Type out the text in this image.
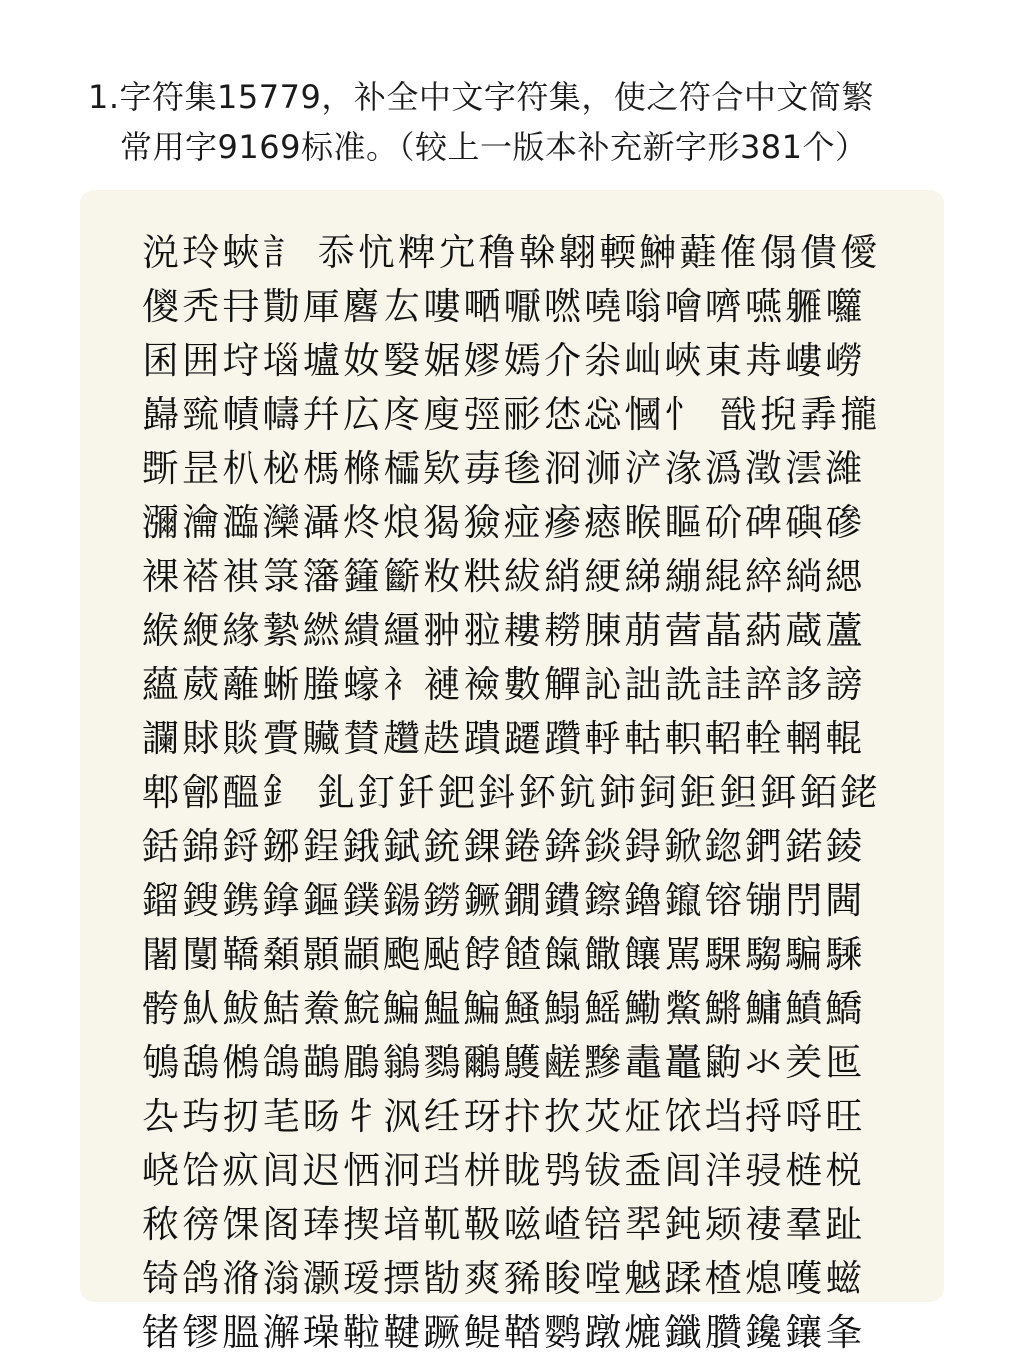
1.字符集15779，补全中文字符集，使之符合中文简繁
常用字9169标准。（较上一版本补充新字形381个）
涚玲蛺訁 忝忼粺宂穞榦翺輭鰰蘳傕傝僓僾
儍秃冄勩厙麔厷嘍嗮嚈嘫嘵嗡噲嚌嚥軅囖
囷囲垨堖壚奻嫛婮嫪嫣介尜屾峽東歬嶁嶗
巋巰幘幬幷広庝廋弳彨恷惢慖忄 戩掜掱攏
斲昰朳柲榪樤櫺欵毐毶浻浉浐湪潙澂澐濰
瀰瀹瀶灤灄炵烺猲獫痖瘮瘱睺瞘砎碑礖磣
裸褡褀箓籓籦籪籹粠紱綃綆綈繃緄綷緔緦
緱緶緣縶繎繢繮翀翋耬耮腖萠蒏蕌蒳蔵蘆
蘊葳蘺蜥螣蠔衤褳襝數觶訫詘詵詿誶誃謗
讕賕賧賷贜賛趲趃蹪躚躦軤軲軹軺輇輞輥
郫鄶醞釒 釓釘釺鈀鈄鈈鈧鈰鉰鉅鉭鉺銆銠
銛錦鋝鋣鋥鋨錻銃錁錈錛錟鍀鍁鍃鍆鍩錂
鎦鎪鎸鎿鏂鏷鐋鐒鐝鐗鐨鑔鑥鑹镕镚閅閪
闍闅鞽顙顥顓颮颭餑餷餼饊饟駡騍騶騙騬
骻魜鮁鮚鮝鯇鯿鰛鯿鰠鰨鰩鰳鱉鱂鱅鱝鱎
鴝鴰鵂鴿鶓鶥鶲鷚鸍鸌鹺黲鼃鼉鼩氺羑匜
厹玙扨芼旸牜沨纴玡抃扻苂炡饻垱捋哷旺
峣饸疭闾迟恓泂珰栟眬鸮钹盉闾洋骎梿棁
秾徬馃阁琫揳堷靰靸嗞嵖锫翆鈍颎褄羣趾
锜鸽潃滃灏瑷摽勓爽豨睃嘡魆蹂楂熄嚄螆
锗镠膃澥璪鞡鞬蹶鳀鞜鹦蹾熝鑯臢鑱鑲夆
